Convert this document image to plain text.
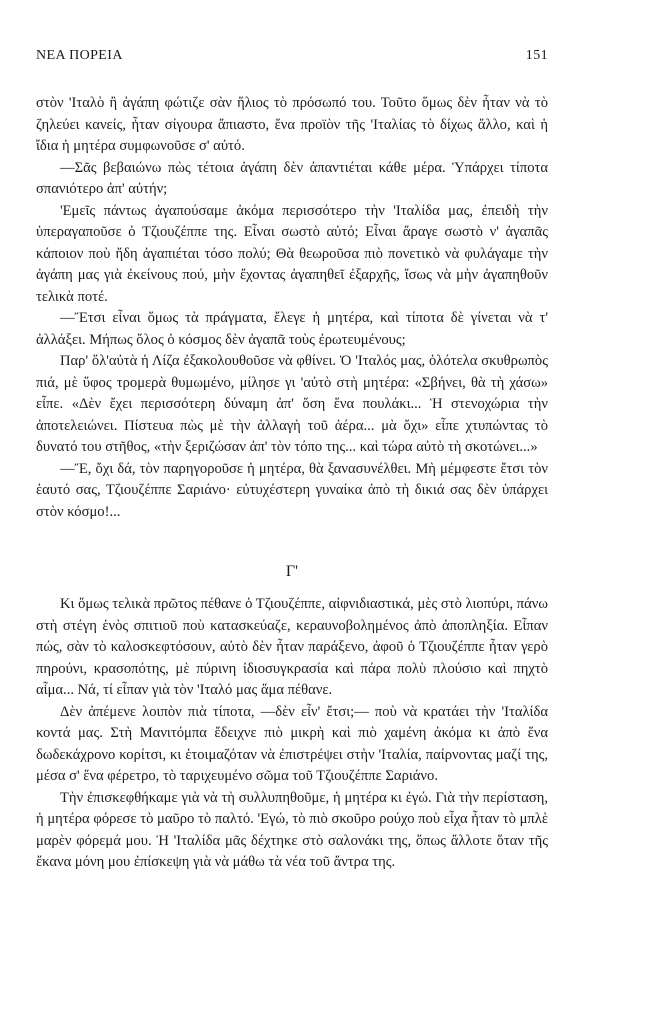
ΝΕΑ ΠΟΡΕΙΑ	151

στὸν 'Ιταλὸ ἢ ἀγάπη φώτιζε σὰν ἥλιος τὸ πρόσωπό του. Τοῦτο ὅμως δὲν ἦταν νὰ τὸ ζηλεύει κανείς, ἦταν σίγουρα ἄπιαστο, ἕνα προϊὸν τῆς 'Ιταλίας τὸ δίχως ἄλλο, καὶ ἡ ἴδια ἡ μητέρα συμφωνοῦσε σ' αὐτό.

—Σᾶς βεβαιώνω πὼς τέτοια ἀγάπη δὲν ἀπαντιέται κάθε μέρα. Ὑπάρχει τίποτα σπανιότερο ἀπ' αὐτήν;

'Εμεῖς πάντως ἀγαπούσαμε ἀκόμα περισσότερο τὴν 'Ιταλίδα μας, ἐπειδὴ τὴν ὑπεραγαποῦσε ὁ Τζιουζέππε της. Εἶναι σωστὸ αὐτό; Εἶναι ἄραγε σωστὸ ν' ἀγαπᾶς κάποιον ποὺ ἤδη ἀγαπιέται τόσο πολύ; Θὰ θεωροῦσα πιὸ πονετικὸ νὰ φυλάγαμε τὴν ἀγάπη μας γιὰ ἐκείνους πού, μὴν ἔχοντας ἀγαπηθεῖ ἐξαρχῆς, ἴσως νὰ μὴν ἀγαπηθοῦν τελικὰ ποτέ.

—Ἔτσι εἶναι ὅμως τὰ πράγματα, ἔλεγε ἡ μητέρα, καὶ τίποτα δὲ γίνεται νὰ τ' ἀλλάξει. Μήπως ὅλος ὁ κόσμος δὲν ἀγαπᾶ τοὺς ἐρωτευμένους;

Παρ' ὅλ'αὐτὰ ἡ Λίζα ἐξακολουθοῦσε νὰ φθίνει. Ὁ 'Ιταλός μας, ὁλότελα σκυθρωπὸς πιά, μὲ ὕφος τρομερὰ θυμωμένο, μίλησε γι 'αὐτὸ στὴ μητέρα: «Σβήνει, θὰ τὴ χάσω» εἶπε. «Δὲν ἔχει περισσότερη δύναμη ἀπ' ὅση ἕνα πουλάκι... Ἡ στενοχώρια τὴν ἀποτελειώνει. Πίστευα πὼς μὲ τὴν ἀλλαγὴ τοῦ ἀέρα... μὰ ὄχι» εἶπε χτυπώντας τὸ δυνατό του στῆθος, «τὴν ξεριζώσαν ἀπ' τὸν τόπο της... καὶ τώρα αὐτὸ τὴ σκοτώνει...»

—Ἔ, ὄχι δά, τὸν παρηγοροῦσε ἡ μητέρα, θὰ ξανασυνέλθει. Μὴ μέμφεστε ἔτσι τὸν ἑαυτό σας, Τζιουζέππε Σαριάνο· εὐτυχέστερη γυναίκα ἀπὸ τὴ δικιά σας δὲν ὑπάρχει στὸν κόσμο!...

Γ'

Κι ὅμως τελικὰ πρῶτος πέθανε ὁ Τζιουζέππε, αἰφνιδιαστικά, μὲς στὸ λιοπύρι, πάνω στὴ στέγη ἑνὸς σπιτιοῦ ποὺ κατασκεύαζε, κεραυνοβολημένος ἀπὸ ἀποπληξία. Εἶπαν πώς, σὰν τὸ καλοσκεφτόσουν, αὐτὸ δὲν ἦταν παράξενο, ἀφοῦ ὁ Τζιουζέππε ἦταν γερὸ πηρούνι, κρασοπότης, μὲ πύρινη ἰδιοσυγκρασία καὶ πάρα πολὺ πλούσιο καὶ πηχτὸ αἷμα... Νά, τί εἶπαν γιὰ τὸν 'Ιταλό μας ἅμα πέθανε.

Δὲν ἀπέμενε λοιπὸν πιὰ τίποτα, —δὲν εἶν' ἔτσι;— ποὺ νὰ κρατάει τὴν 'Ιταλίδα κοντά μας. Στὴ Μανιτόμπα ἔδειχνε πιὸ μικρὴ καὶ πιὸ χαμένη ἀκόμα κι ἀπὸ ἕνα δωδεκάχρονο κορίτσι, κι ἑτοιμαζόταν νὰ ἐπιστρέψει στὴν 'Ιταλία, παίρνοντας μαζί της, μέσα σ' ἕνα φέρετρο, τὸ ταριχευμένο σῶμα τοῦ Τζιουζέππε Σαριάνο.

Τὴν ἐπισκεφθήκαμε γιὰ νὰ τὴ συλλυπηθοῦμε, ἡ μητέρα κι ἐγώ. Γιὰ τὴν περίσταση, ἡ μητέρα φόρεσε τὸ μαῦρο τὸ παλτό. 'Εγώ, τὸ πιὸ σκοῦρο ρούχο ποὺ εἶχα ἦταν τὸ μπλὲ μαρὲν φόρεμά μου. Ἡ 'Ιταλίδα μᾶς δέχτηκε στὸ σαλονάκι της, ὅπως ἄλλοτε ὅταν τῆς ἔκανα μόνη μου ἐπίσκεψη γιὰ νὰ μάθω τὰ νέα τοῦ ἄντρα της.
